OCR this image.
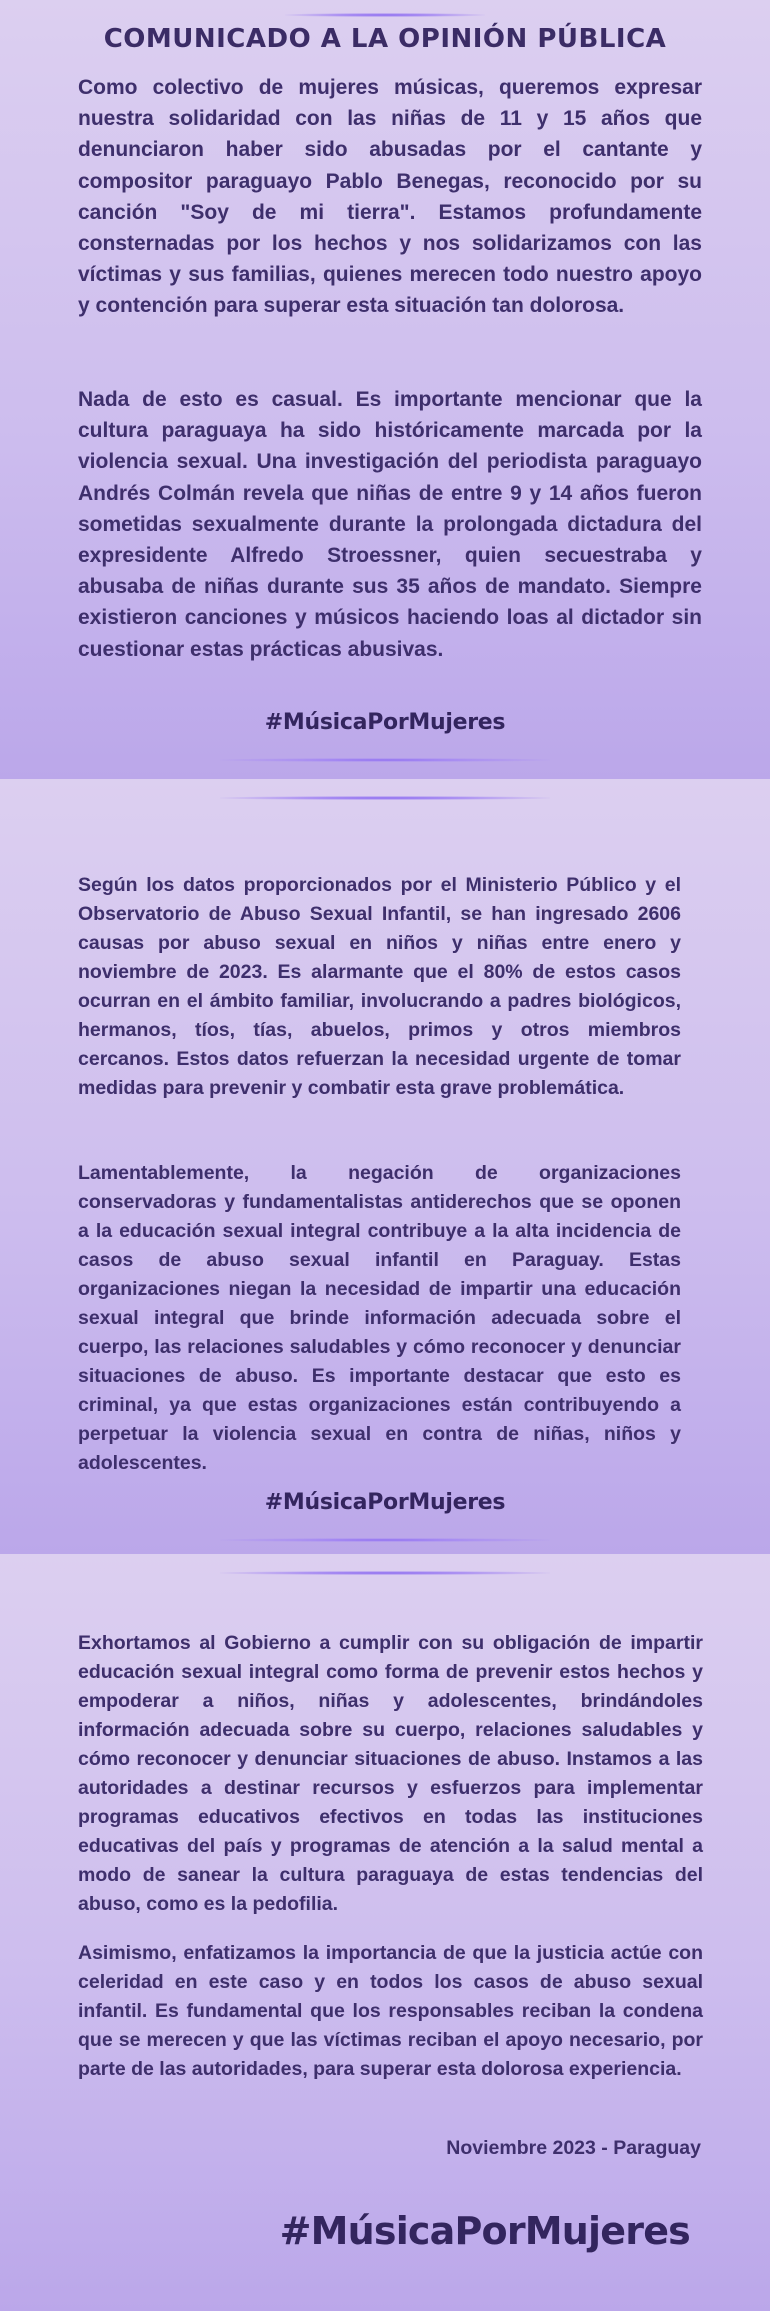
COMUNICADO A LA OPINIÓN PÚBLICA

Como colectivo de mujeres músicas, queremos expresar nuestra solidaridad con las niñas de 11 y 15 años que denunciaron haber sido abusadas por el cantante y compositor paraguayo Pablo Benegas, reconocido por su canción "Soy de mi tierra". Estamos profundamente consternadas por los hechos y nos solidarizamos con las víctimas y sus familias, quienes merecen todo nuestro apoyo y contención para superar esta situación tan dolorosa.

Nada de esto es casual. Es importante mencionar que la cultura paraguaya ha sido históricamente marcada por la violencia sexual. Una investigación del periodista paraguayo Andrés Colmán revela que niñas de entre 9 y 14 años fueron sometidas sexualmente durante la prolongada dictadura del expresidente Alfredo Stroessner, quien secuestraba y abusaba de niñas durante sus 35 años de mandato. Siempre existieron canciones y músicos haciendo loas al dictador sin cuestionar estas prácticas abusivas.

#MúsicaPorMujeres

Según los datos proporcionados por el Ministerio Público y el Observatorio de Abuso Sexual Infantil, se han ingresado 2606 causas por abuso sexual en niños y niñas entre enero y noviembre de 2023. Es alarmante que el 80% de estos casos ocurran en el ámbito familiar, involucrando a padres biológicos, hermanos, tíos, tías, abuelos, primos y otros miembros cercanos. Estos datos refuerzan la necesidad urgente de tomar medidas para prevenir y combatir esta grave problemática.

Lamentablemente, la negación de organizaciones conservadoras y fundamentalistas antiderechos que se oponen a la educación sexual integral contribuye a la alta incidencia de casos de abuso sexual infantil en Paraguay. Estas organizaciones niegan la necesidad de impartir una educación sexual integral que brinde información adecuada sobre el cuerpo, las relaciones saludables y cómo reconocer y denunciar situaciones de abuso. Es importante destacar que esto es criminal, ya que estas organizaciones están contribuyendo a perpetuar la violencia sexual en contra de niñas, niños y adolescentes.

#MúsicaPorMujeres

Exhortamos al Gobierno a cumplir con su obligación de impartir educación sexual integral como forma de prevenir estos hechos y empoderar a niños, niñas y adolescentes, brindándoles información adecuada sobre su cuerpo, relaciones saludables y cómo reconocer y denunciar situaciones de abuso. Instamos a las autoridades a destinar recursos y esfuerzos para implementar programas educativos efectivos en todas las instituciones educativas del país y programas de atención a la salud mental a modo de sanear la cultura paraguaya de estas tendencias del abuso, como es la pedofilia.

Asimismo, enfatizamos la importancia de que la justicia actúe con celeridad en este caso y en todos los casos de abuso sexual infantil. Es fundamental que los responsables reciban la condena que se merecen y que las víctimas reciban el apoyo necesario, por parte de las autoridades, para superar esta dolorosa experiencia.

Noviembre 2023 - Paraguay
#MúsicaPorMujeres
